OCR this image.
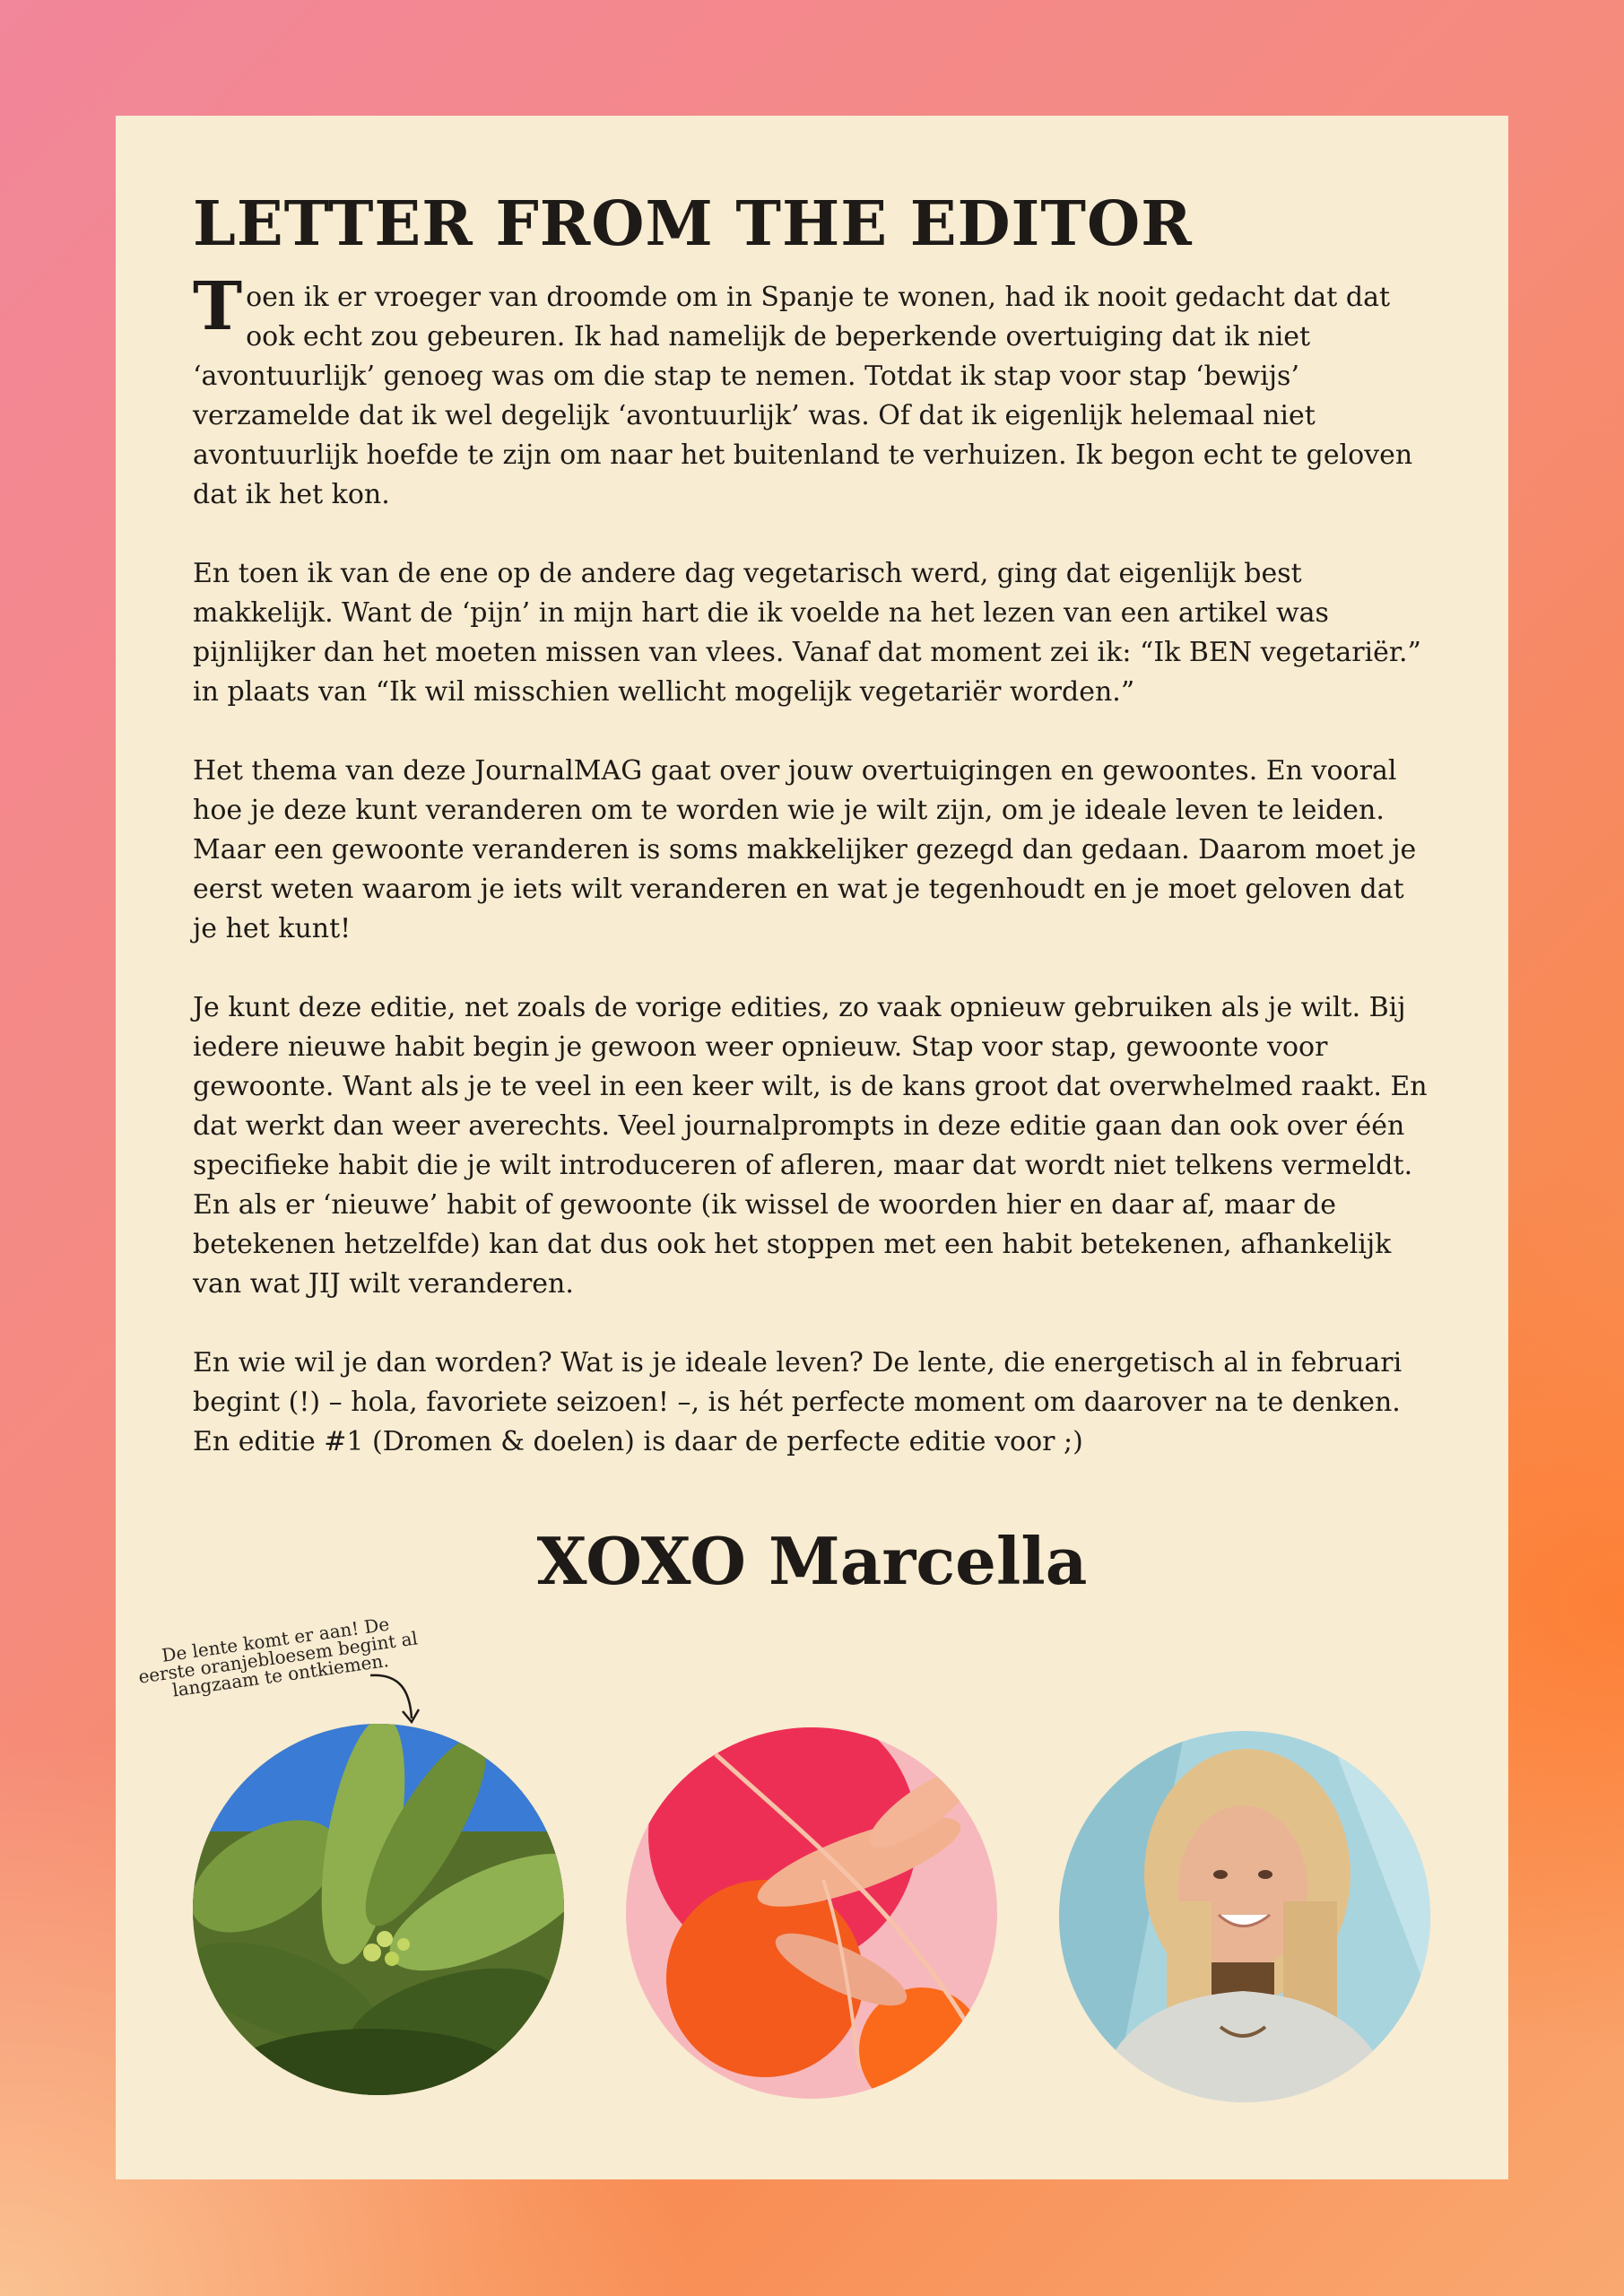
LETTER FROM THE EDITOR

Toen ik er vroeger van droomde om in Spanje te wonen, had ik nooit gedacht dat dat ook echt zou gebeuren. Ik had namelijk de beperkende overtuiging dat ik niet ‘avontuurlijk’ genoeg was om die stap te nemen. Totdat ik stap voor stap ‘bewijs’ verzamelde dat ik wel degelijk ‘avontuurlijk’ was. Of dat ik eigenlijk helemaal niet avontuurlijk hoefde te zijn om naar het buitenland te verhuizen. Ik begon echt te geloven dat ik het kon.

En toen ik van de ene op de andere dag vegetarisch werd, ging dat eigenlijk best makkelijk. Want de ‘pijn’ in mijn hart die ik voelde na het lezen van een artikel was pijnlijker dan het moeten missen van vlees. Vanaf dat moment zei ik: “Ik BEN vegetariër.” in plaats van “Ik wil misschien wellicht mogelijk vegetariër worden.”

Het thema van deze JournalMAG gaat over jouw overtuigingen en gewoontes. En vooral hoe je deze kunt veranderen om te worden wie je wilt zijn, om je ideale leven te leiden. Maar een gewoonte veranderen is soms makkelijker gezegd dan gedaan. Daarom moet je eerst weten waarom je iets wilt veranderen en wat je tegenhoudt en je moet geloven dat je het kunt!

Je kunt deze editie, net zoals de vorige edities, zo vaak opnieuw gebruiken als je wilt. Bij iedere nieuwe habit begin je gewoon weer opnieuw. Stap voor stap, gewoonte voor gewoonte. Want als je te veel in een keer wilt, is de kans groot dat overwhelmed raakt. En dat werkt dan weer averechts. Veel journalprompts in deze editie gaan dan ook over één specifieke habit die je wilt introduceren of afleren, maar dat wordt niet telkens vermeldt. En als er ‘nieuwe’ habit of gewoonte (ik wissel de woorden hier en daar af, maar de betekenen hetzelfde) kan dat dus ook het stoppen met een habit betekenen, afhankelijk van wat JIJ wilt veranderen.

En wie wil je dan worden? Wat is je ideale leven? De lente, die energetisch al in februari begint (!) – hola, favoriete seizoen! –, is hét perfecte moment om daarover na te denken. En editie #1 (Dromen & doelen) is daar de perfecte editie voor ;)

XOXO Marcella
De lente komt er aan! De eerste oranjebloesem begint al langzaam te ontkiemen.
